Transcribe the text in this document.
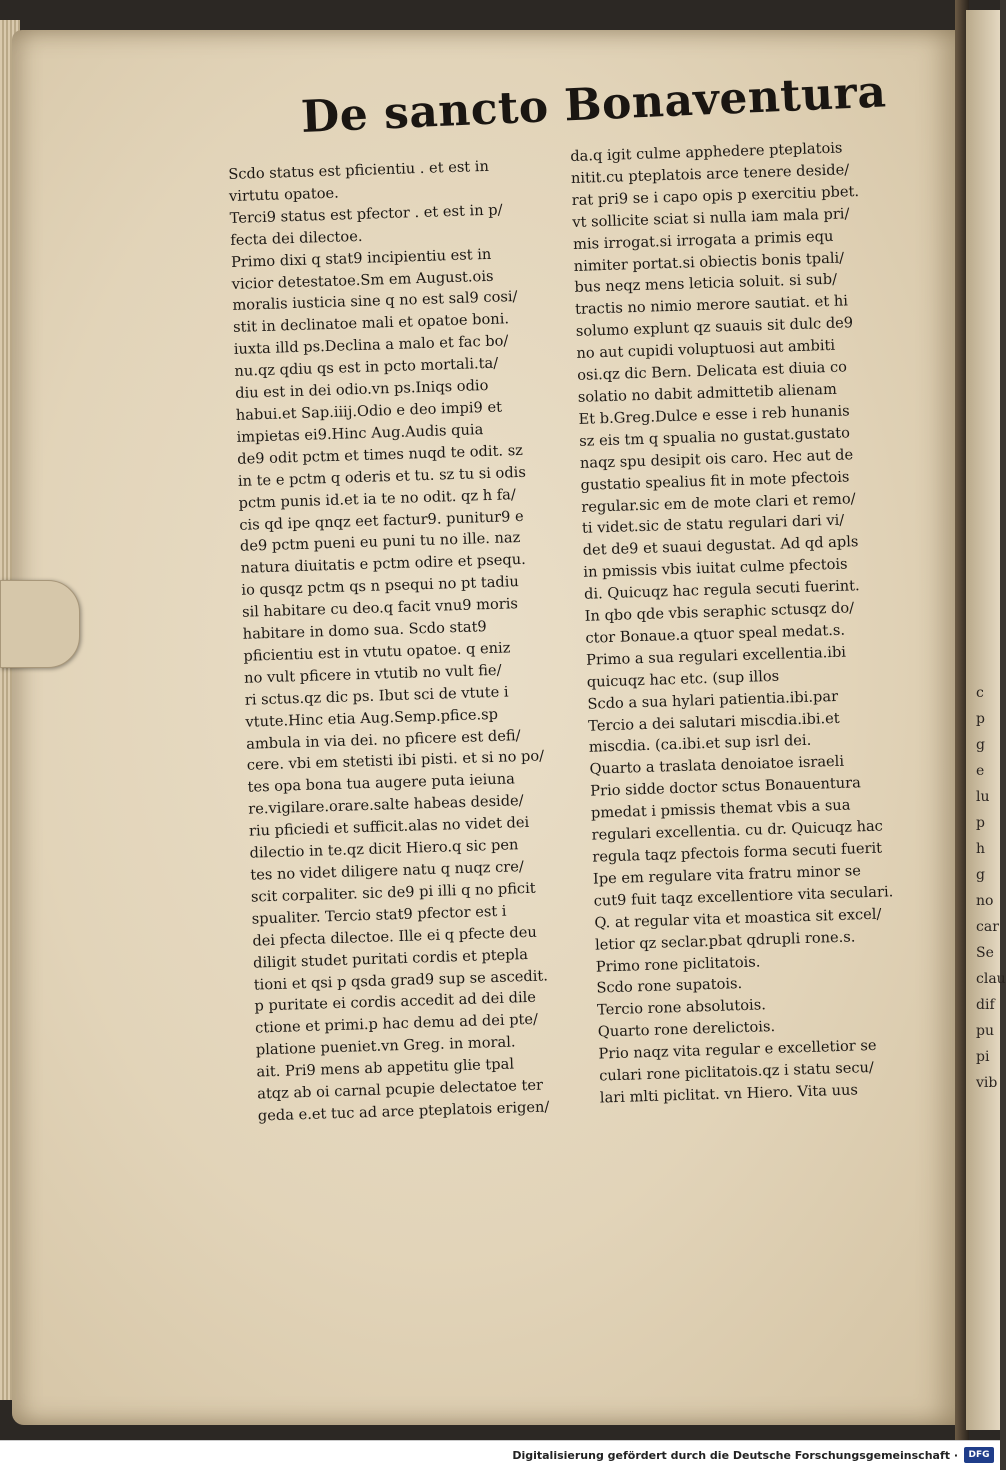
De sancto Bonaventura
Scdo status est pficientiu . et est in
virtutu opatoe.
Terci9 status est pfector . et est in p/
fecta dei dilectoe.
Primo dixi q stat9 incipientiu est in
vicior detestatoe.Sm em August.ois
moralis iusticia sine q no est sal9 cosi/
stit in declinatoe mali et opatoe boni.
iuxta illd ps.Declina a malo et fac bo/
nu.qz qdiu qs est in pcto mortali.ta/
diu est in dei odio.vn ps.Iniqs odio
habui.et Sap.iiij.Odio e deo impi9 et
impietas ei9.Hinc Aug.Audis quia
de9 odit pctm et times nuqd te odit. sz
in te e pctm q oderis et tu. sz tu si odis
pctm punis id.et ia te no odit. qz h fa/
cis qd ipe qnqz eet factur9. punitur9 e
de9 pctm pueni eu puni tu no ille. naz
natura diuitatis e pctm odire et psequ.
io qusqz pctm qs n psequi no pt tadiu
sil habitare cu deo.q facit vnu9 moris
habitare in domo sua. Scdo stat9
pficientiu est in vtutu opatoe. q eniz
no vult pficere in vtutib no vult fie/
ri sctus.qz dic ps. Ibut sci de vtute i
vtute.Hinc etia Aug.Semp.pfice.sp
ambula in via dei. no pficere est defi/
cere. vbi em stetisti ibi pisti. et si no po/
tes opa bona tua augere puta ieiuna
re.vigilare.orare.salte habeas deside/
riu pficiedi et sufficit.alas no videt dei
dilectio in te.qz dicit Hiero.q sic pen
tes no videt diligere natu q nuqz cre/
scit corpaliter. sic de9 pi illi q no pficit
spualiter. Tercio stat9 pfector est i
dei pfecta dilectoe. Ille ei q pfecte deu
diligit studet puritati cordis et ptepla
tioni et qsi p qsda grad9 sup se ascedit.
p puritate ei cordis accedit ad dei dile
ctione et primi.p hac demu ad dei pte/
platione pueniet.vn Greg. in moral.
ait. Pri9 mens ab appetitu glie tpal
atqz ab oi carnal pcupie delectatoe ter
geda e.et tuc ad arce pteplatois erigen/
da.q igit culme apphedere pteplatois
nitit.cu pteplatois arce tenere deside/
rat pri9 se i capo opis p exercitiu pbet.
vt sollicite sciat si nulla iam mala pri/
mis irrogat.si irrogata a primis equ
nimiter portat.si obiectis bonis tpali/
bus neqz mens leticia soluit. si sub/
tractis no nimio merore sautiat. et hi
solumo explunt qz suauis sit dulc de9
no aut cupidi voluptuosi aut ambiti
osi.qz dic Bern. Delicata est diuia co
solatio no dabit admittetib alienam
Et b.Greg.Dulce e esse i reb hunanis
sz eis tm q spualia no gustat.gustato
naqz spu desipit ois caro. Hec aut de
gustatio spealius fit in mote pfectois
regular.sic em de mote clari et remo/
ti videt.sic de statu regulari dari vi/
det de9 et suaui degustat. Ad qd apls
in pmissis vbis iuitat culme pfectois
di. Quicuqz hac regula secuti fuerint.
In qbo qde vbis seraphic sctusqz do/
ctor Bonaue.a qtuor speal medat.s.
Primo a sua regulari excellentia.ibi
quicuqz hac etc. (sup illos
Scdo a sua hylari patientia.ibi.par
Tercio a dei salutari miscdia.ibi.et
miscdia. (ca.ibi.et sup isrl dei.
Quarto a traslata denoiatoe israeli
Prio sidde doctor sctus Bonauentura
pmedat i pmissis themat vbis a sua
regulari excellentia. cu dr. Quicuqz hac
regula taqz pfectois forma secuti fuerit
Ipe em regulare vita fratru minor se
cut9 fuit taqz excellentiore vita seculari.
Q. at regular vita et moastica sit excel/
letior qz seclar.pbat qdrupli rone.s.
Primo rone piclitatois.
Scdo rone supatois.
Tercio rone absolutois.
Quarto rone derelictois.
Prio naqz vita regular e excelletior se
culari rone piclitatois.qz i statu secu/
lari mlti piclitat. vn Hiero. Vita uus
c
p
g
e
lu
p
h
g
no
car
Se
clau
dif
pu
pi
vib
Digitalisierung gefördert durch die Deutsche Forschungsgemeinschaft ·	DFG
